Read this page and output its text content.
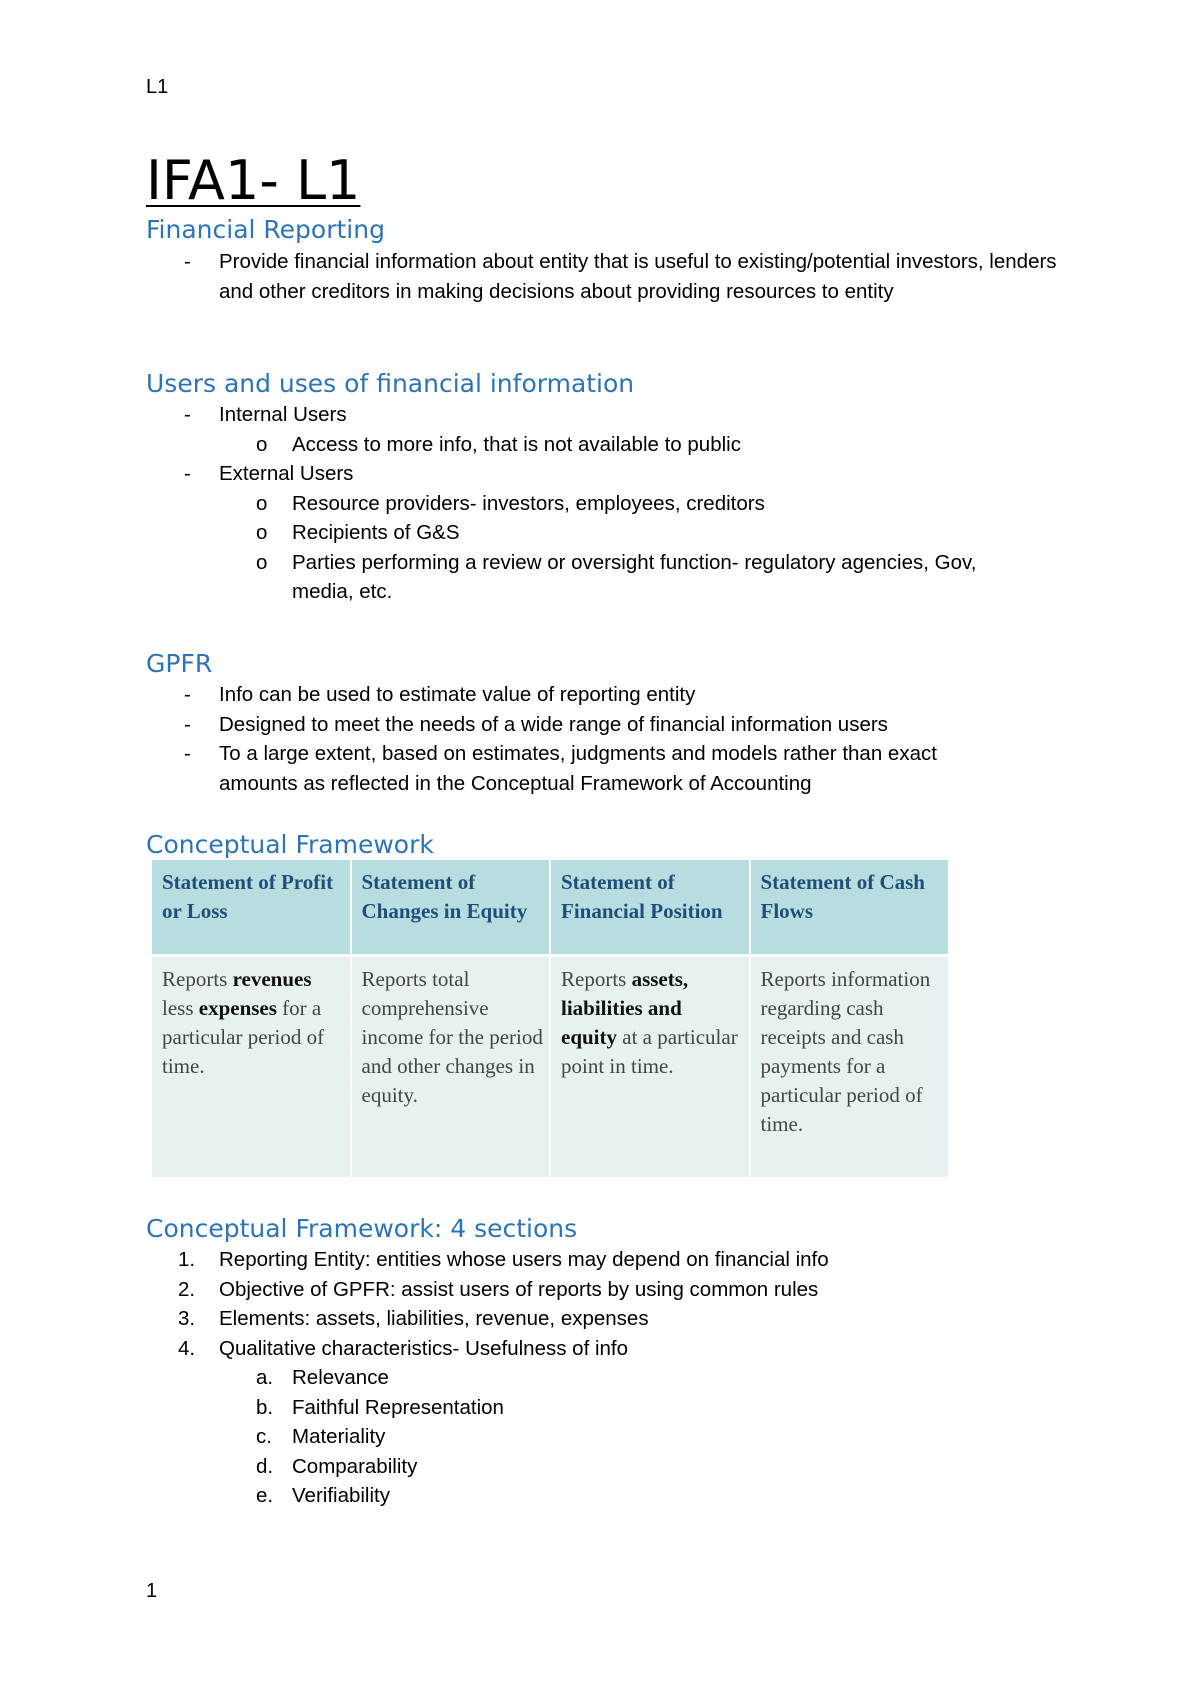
L1
IFA1- L1
Financial Reporting
- Provide financial information about entity that is useful to existing/potential investors, lenders and other creditors in making decisions about providing resources to entity
Users and uses of financial information
- Internal Users
o Access to more info, that is not available to public
- External Users
o Resource providers- investors, employees, creditors
o Recipients of G&S
o Parties performing a review or oversight function- regulatory agencies, Gov, media, etc.
GPFR
- Info can be used to estimate value of reporting entity
- Designed to meet the needs of a wide range of financial information users
- To a large extent, based on estimates, judgments and models rather than exact amounts as reflected in the Conceptual Framework of Accounting
Conceptual Framework
Statement of Profit or Loss	Statement of Changes in Equity	Statement of Financial Position	Statement of Cash Flows
Reports revenues less expenses for a particular period of time.	Reports total comprehensive income for the period and other changes in equity.	Reports assets, liabilities and equity at a particular point in time.	Reports information regarding cash receipts and cash payments for a particular period of time.
Conceptual Framework: 4 sections
1. Reporting Entity: entities whose users may depend on financial info
2. Objective of GPFR: assist users of reports by using common rules
3. Elements: assets, liabilities, revenue, expenses
4. Qualitative characteristics- Usefulness of info
a. Relevance
b. Faithful Representation
c. Materiality
d. Comparability
e. Verifiability
1
